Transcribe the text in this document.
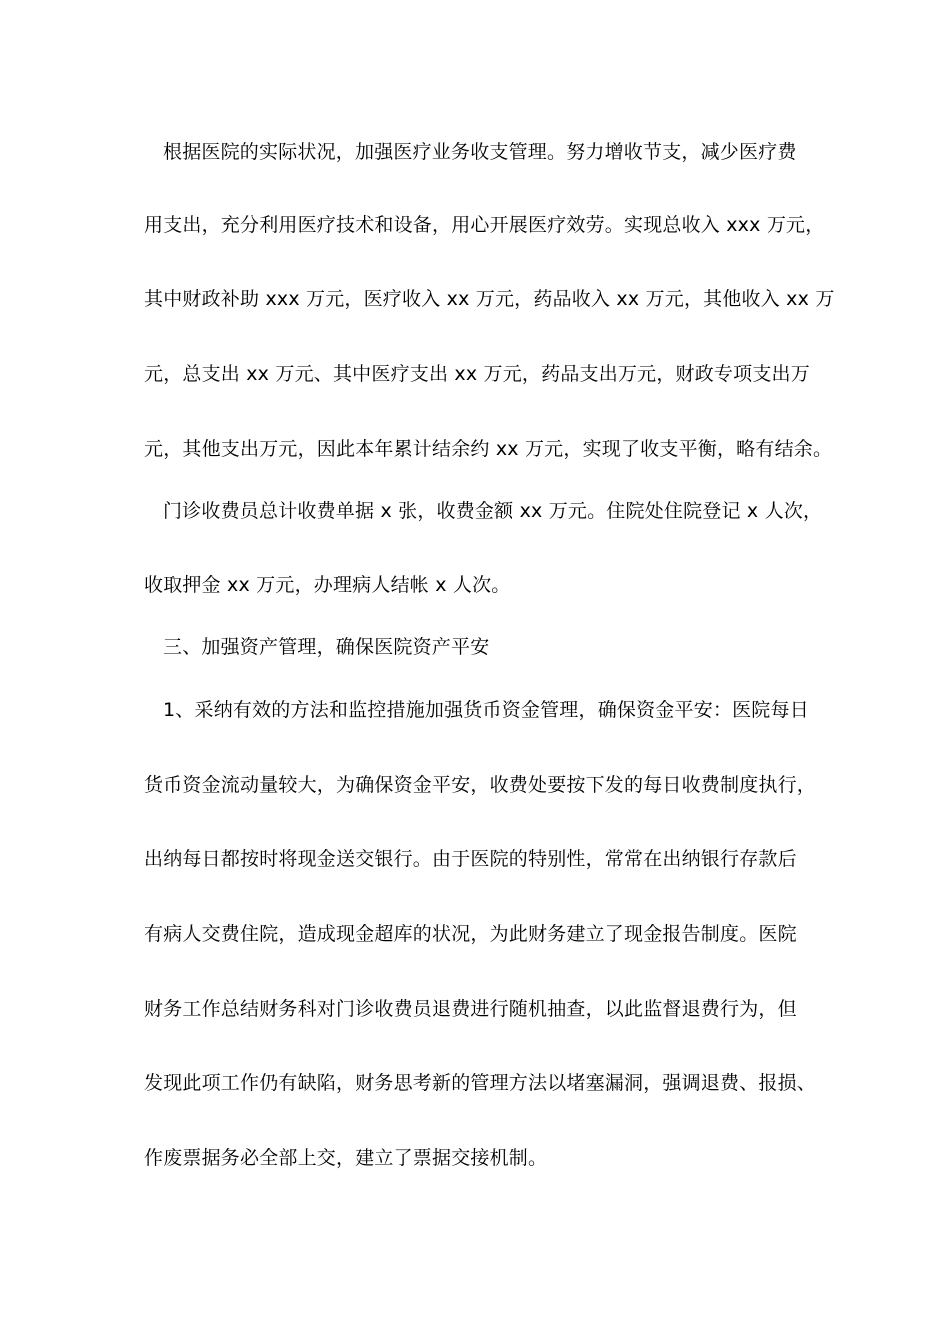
根据医院的实际状况，加强医疗业务收支管理。努力增收节支，减少医疗费
用支出，充分利用医疗技术和设备，用心开展医疗效劳。实现总收入 xxx 万元，
其中财政补助 xxx 万元，医疗收入 xx 万元，药品收入 xx 万元，其他收入 xx 万
元，总支出 xx 万元、其中医疗支出 xx 万元，药品支出万元，财政专项支出万
元，其他支出万元，因此本年累计结余约 xx 万元，实现了收支平衡，略有结余。
门诊收费员总计收费单据 x 张，收费金额 xx 万元。住院处住院登记 x 人次，
收取押金 xx 万元，办理病人结帐 x 人次。
三、加强资产管理，确保医院资产平安
1、采纳有效的方法和监控措施加强货币资金管理，确保资金平安：医院每日
货币资金流动量较大，为确保资金平安，收费处要按下发的每日收费制度执行，
出纳每日都按时将现金送交银行。由于医院的特别性，常常在出纳银行存款后
有病人交费住院，造成现金超库的状况，为此财务建立了现金报告制度。医院
财务工作总结财务科对门诊收费员退费进行随机抽查，以此监督退费行为，但
发现此项工作仍有缺陷，财务思考新的管理方法以堵塞漏洞，强调退费、报损、
作废票据务必全部上交，建立了票据交接机制。
